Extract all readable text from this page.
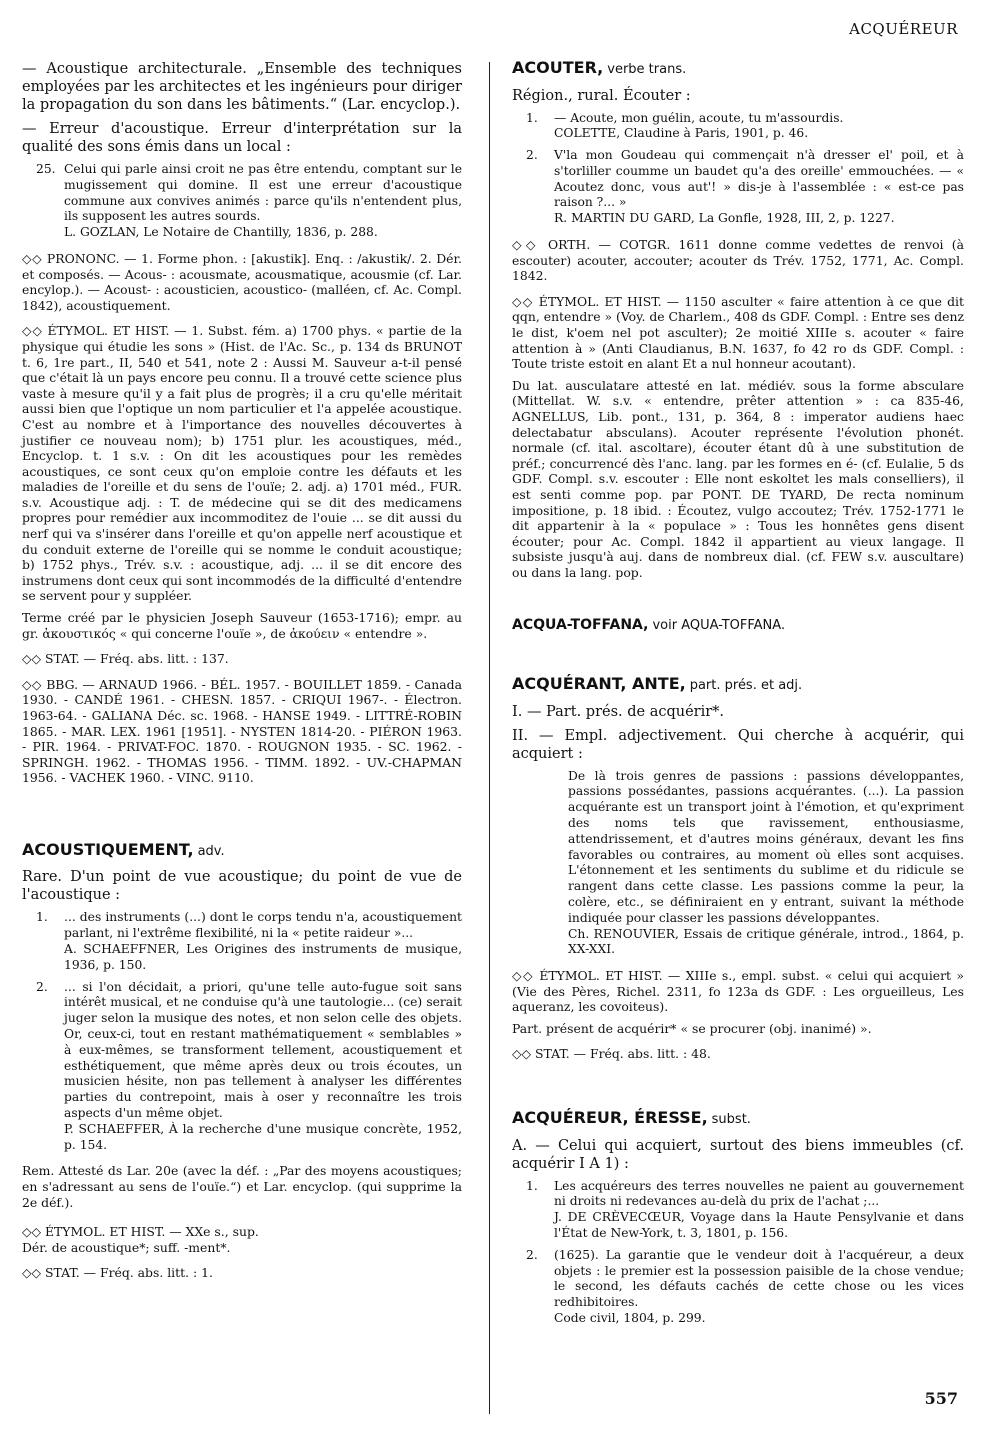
ACQUÉREUR

— Acoustique architecturale. „Ensemble des techniques employées par les architectes et les ingénieurs pour diriger la propagation du son dans les bâtiments.“ (Lar. encyclop.).

— Erreur d'acoustique. Erreur d'interprétation sur la qualité des sons émis dans un local :

25. Celui qui parle ainsi croit ne pas être entendu, comptant sur le mugissement qui domine. Il est une erreur d'acoustique commune aux convives animés : parce qu'ils n'entendent plus, ils supposent les autres sourds.
L. GOZLAN, Le Notaire de Chantilly, 1836, p. 288.

◇◇ PRONONC. — 1. Forme phon. : [akustik]. Enq. : /akustik/. 2. Dér. et composés. — Acous- : acousmate, acousmatique, acousmie (cf. Lar. encylop.). — Acoust- : acousticien, acoustico- (malléen, cf. Ac. Compl. 1842), acoustiquement.

◇◇ ÉTYMOL. ET HIST. — 1. Subst. fém. a) 1700 phys. « partie de la physique qui étudie les sons » (Hist. de l'Ac. Sc., p. 134 ds BRUNOT t. 6, 1re part., II, 540 et 541, note 2 : Aussi M. Sauveur a-t-il pensé que c'était là un pays encore peu connu. Il a trouvé cette science plus vaste à mesure qu'il y a fait plus de progrès; il a cru qu'elle méritait aussi bien que l'optique un nom particulier et l'a appelée acoustique. C'est au nombre et à l'importance des nouvelles découvertes à justifier ce nouveau nom); b) 1751 plur. les acoustiques, méd., Encyclop. t. 1 s.v. : On dit les acoustiques pour les remèdes acoustiques, ce sont ceux qu'on emploie contre les défauts et les maladies de l'oreille et du sens de l'ouïe; 2. adj. a) 1701 méd., FUR. s.v. Acoustique adj. : T. de médecine qui se dit des medicamens propres pour remédier aux incommoditez de l'ouie ... se dit aussi du nerf qui va s'insérer dans l'oreille et qu'on appelle nerf acoustique et du conduit externe de l'oreille qui se nomme le conduit acoustique; b) 1752 phys., Trév. s.v. : acoustique, adj. ... il se dit encore des instrumens dont ceux qui sont incommodés de la difficulté d'entendre se servent pour y suppléer.

Terme créé par le physicien Joseph Sauveur (1653-1716); empr. au gr. ἀκουστικός « qui concerne l'ouïe », de ἀκούειν « entendre ».

◇◇ STAT. — Fréq. abs. litt. : 137.

◇◇ BBG. — ARNAUD 1966. - BÉL. 1957. - BOUILLET 1859. - Canada 1930. - CANDÉ 1961. - CHESN. 1857. - CRIQUI 1967-. - Électron. 1963-64. - GALIANA Déc. sc. 1968. - HANSE 1949. - LITTRÉ-ROBIN 1865. - MAR. LEX. 1961 [1951]. - NYSTEN 1814-20. - PIÉRON 1963. - PIR. 1964. - PRIVAT-FOC. 1870. - ROUGNON 1935. - SC. 1962. - SPRINGH. 1962. - THOMAS 1956. - TIMM. 1892. - UV.-CHAPMAN 1956. - VACHEK 1960. - VINC. 9110.

ACOUSTIQUEMENT, adv.

Rare. D'un point de vue acoustique; du point de vue de l'acoustique :

1. ... des instruments (...) dont le corps tendu n'a, acoustiquement parlant, ni l'extrême flexibilité, ni la « petite raideur »...
A. SCHAEFFNER, Les Origines des instruments de musique, 1936, p. 150.
2. ... si l'on décidait, a priori, qu'une telle auto-fugue soit sans intérêt musical, et ne conduise qu'à une tautologie... (ce) serait juger selon la musique des notes, et non selon celle des objets. Or, ceux-ci, tout en restant mathématiquement « semblables » à eux-mêmes, se transforment tellement, acoustiquement et esthétiquement, que même après deux ou trois écoutes, un musicien hésite, non pas tellement à analyser les différentes parties du contrepoint, mais à oser y reconnaître les trois aspects d'un même objet.
P. SCHAEFFER, À la recherche d'une musique concrète, 1952, p. 154.

Rem. Attesté ds Lar. 20e (avec la déf. : „Par des moyens acoustiques; en s'adressant au sens de l'ouïe.“) et Lar. encyclop. (qui supprime la 2e déf.).

◇◇ ÉTYMOL. ET HIST. — XXe s., sup.

Dér. de acoustique*; suff. -ment*.

◇◇ STAT. — Fréq. abs. litt. : 1.

ACOUTER, verbe trans.

Région., rural. Écouter :

1. — Acoute, mon guélin, acoute, tu m'assourdis.
COLETTE, Claudine à Paris, 1901, p. 46.
2. V'la mon Goudeau qui commençait n'à dresser el' poil, et à s'torliller coumme un baudet qu'a des oreille' emmouchées. — « Acoutez donc, vous aut'! » dis-je à l'assemblée : « est-ce pas raison ?... »
R. MARTIN DU GARD, La Gonfle, 1928, III, 2, p. 1227.

◇◇ ORTH. — COTGR. 1611 donne comme vedettes de renvoi (à escouter) acouter, accouter; acouter ds Trév. 1752, 1771, Ac. Compl. 1842.

◇◇ ÉTYMOL. ET HIST. — 1150 asculter « faire attention à ce que dit qqn, entendre » (Voy. de Charlem., 408 ds GDF. Compl. : Entre ses denz le dist, k'oem nel pot asculter); 2e moitié XIIIe s. acouter « faire attention à » (Anti Claudianus, B.N. 1637, fo 42 ro ds GDF. Compl. : Toute triste estoit en alant Et a nul honneur acoutant).

Du lat. ausculatare attesté en lat. médiév. sous la forme absculare (Mittellat. W. s.v. « entendre, prêter attention » : ca 835-46, AGNELLUS, Lib. pont., 131, p. 364, 8 : imperator audiens haec delectabatur absculans). Acouter représente l'évolution phonét. normale (cf. ital. ascoltare), écouter étant dû à une substitution de préf.; concurrencé dès l'anc. lang. par les formes en é- (cf. Eulalie, 5 ds GDF. Compl. s.v. escouter : Elle nont eskoltet les mals conselliers), il est senti comme pop. par PONT. DE TYARD, De recta nominum impositione, p. 18 ibid. : Écoutez, vulgo accoutez; Trév. 1752-1771 le dit appartenir à la « populace » : Tous les honnêtes gens disent écouter; pour Ac. Compl. 1842 il appartient au vieux langage. Il subsiste jusqu'à auj. dans de nombreux dial. (cf. FEW s.v. auscultare) ou dans la lang. pop.

ACQUA-TOFFANA, voir AQUA-TOFFANA.

ACQUÉRANT, ANTE, part. prés. et adj.

I. — Part. prés. de acquérir*.

II. — Empl. adjectivement. Qui cherche à acquérir, qui acquiert :

De là trois genres de passions : passions développantes, passions possédantes, passions acquérantes. (...). La passion acquérante est un transport joint à l'émotion, et qu'expriment des noms tels que ravissement, enthousiasme, attendrissement, et d'autres moins généraux, devant les fins favorables ou contraires, au moment où elles sont acquises. L'étonnement et les sentiments du sublime et du ridicule se rangent dans cette classe. Les passions comme la peur, la colère, etc., se définiraient en y entrant, suivant la méthode indiquée pour classer les passions développantes.
Ch. RENOUVIER, Essais de critique générale, introd., 1864, p. XX-XXI.

◇◇ ÉTYMOL. ET HIST. — XIIIe s., empl. subst. « celui qui acquiert » (Vie des Pères, Richel. 2311, fo 123a ds GDF. : Les orgueilleus, Les aqueranz, les covoiteus).

Part. présent de acquérir* « se procurer (obj. inanimé) ».

◇◇ STAT. — Fréq. abs. litt. : 48.

ACQUÉREUR, ÉRESSE, subst.

A. — Celui qui acquiert, surtout des biens immeubles (cf. acquérir I A 1) :

1. Les acquéreurs des terres nouvelles ne paient au gouvernement ni droits ni redevances au-delà du prix de l'achat ;...
J. DE CRÈVECŒUR, Voyage dans la Haute Pensylvanie et dans l'État de New-York, t. 3, 1801, p. 156.
2. (1625). La garantie que le vendeur doit à l'acquéreur, a deux objets : le premier est la possession paisible de la chose vendue; le second, les défauts cachés de cette chose ou les vices redhibitoires.
Code civil, 1804, p. 299.
557
